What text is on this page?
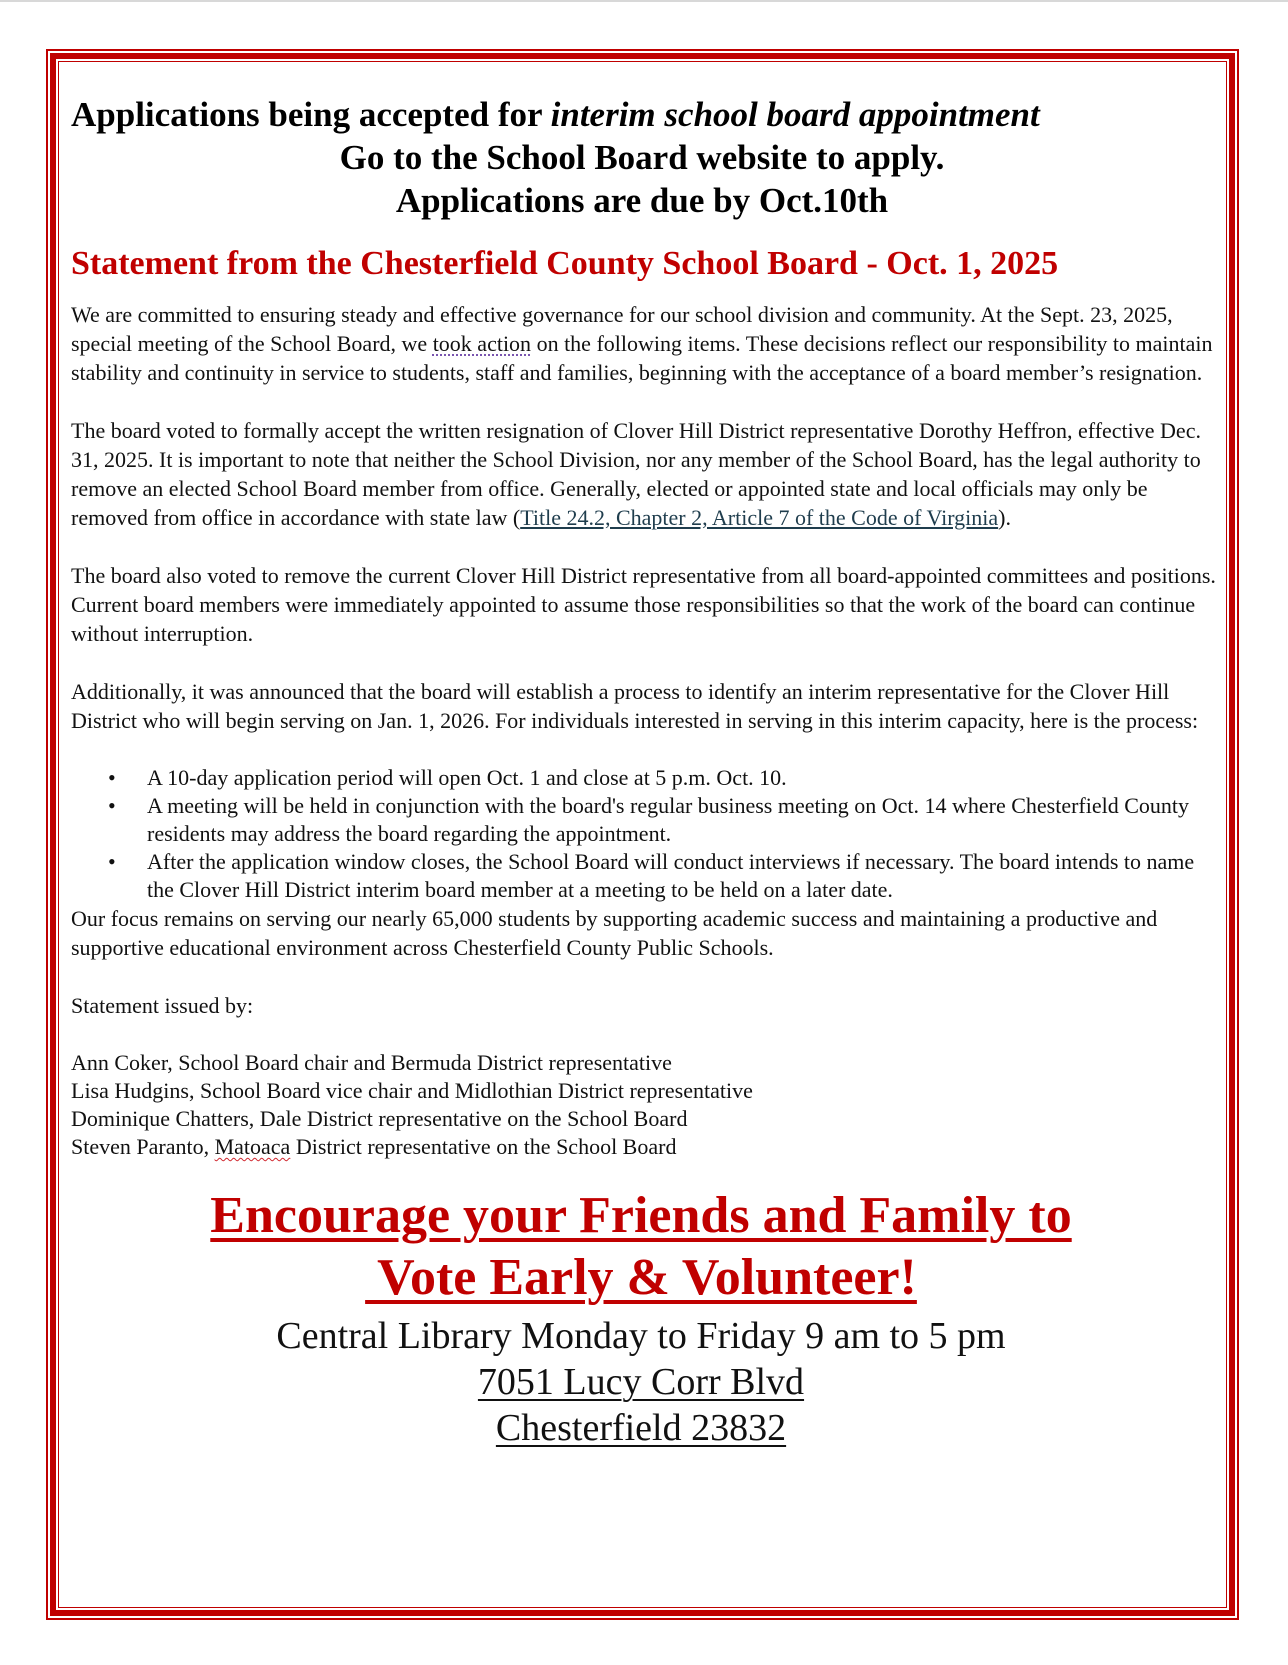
Applications being accepted for interim school board appointment
Go to the School Board website to apply.
Applications are due by Oct.10th
Statement from the Chesterfield County School Board - Oct. 1, 2025

We are committed to ensuring steady and effective governance for our school division and community. At the Sept. 23, 2025, special meeting of the School Board, we took action on the following items. These decisions reflect our responsibility to maintain stability and continuity in service to students, staff and families, beginning with the acceptance of a board member’s resignation.

The board voted to formally accept the written resignation of Clover Hill District representative Dorothy Heffron, effective Dec. 31, 2025. It is important to note that neither the School Division, nor any member of the School Board, has the legal authority to remove an elected School Board member from office. Generally, elected or appointed state and local officials may only be removed from office in accordance with state law (Title 24.2, Chapter 2, Article 7 of the Code of Virginia).

The board also voted to remove the current Clover Hill District representative from all board-appointed committees and positions. Current board members were immediately appointed to assume those responsibilities so that the work of the board can continue without interruption.

Additionally, it was announced that the board will establish a process to identify an interim representative for the Clover Hill District who will begin serving on Jan. 1, 2026. For individuals interested in serving in this interim capacity, here is the process:

• A 10-day application period will open Oct. 1 and close at 5 p.m. Oct. 10.
• A meeting will be held in conjunction with the board's regular business meeting on Oct. 14 where Chesterfield County residents may address the board regarding the appointment.
• After the application window closes, the School Board will conduct interviews if necessary. The board intends to name the Clover Hill District interim board member at a meeting to be held on a later date.

Our focus remains on serving our nearly 65,000 students by supporting academic success and maintaining a productive and supportive educational environment across Chesterfield County Public Schools.

Statement issued by:

Ann Coker, School Board chair and Bermuda District representative
Lisa Hudgins, School Board vice chair and Midlothian District representative
Dominique Chatters, Dale District representative on the School Board
Steven Paranto, Matoaca District representative on the School Board
Encourage your Friends and Family to
Vote Early & Volunteer!
Central Library Monday to Friday 9 am to 5 pm
7051 Lucy Corr Blvd
Chesterfield 23832
